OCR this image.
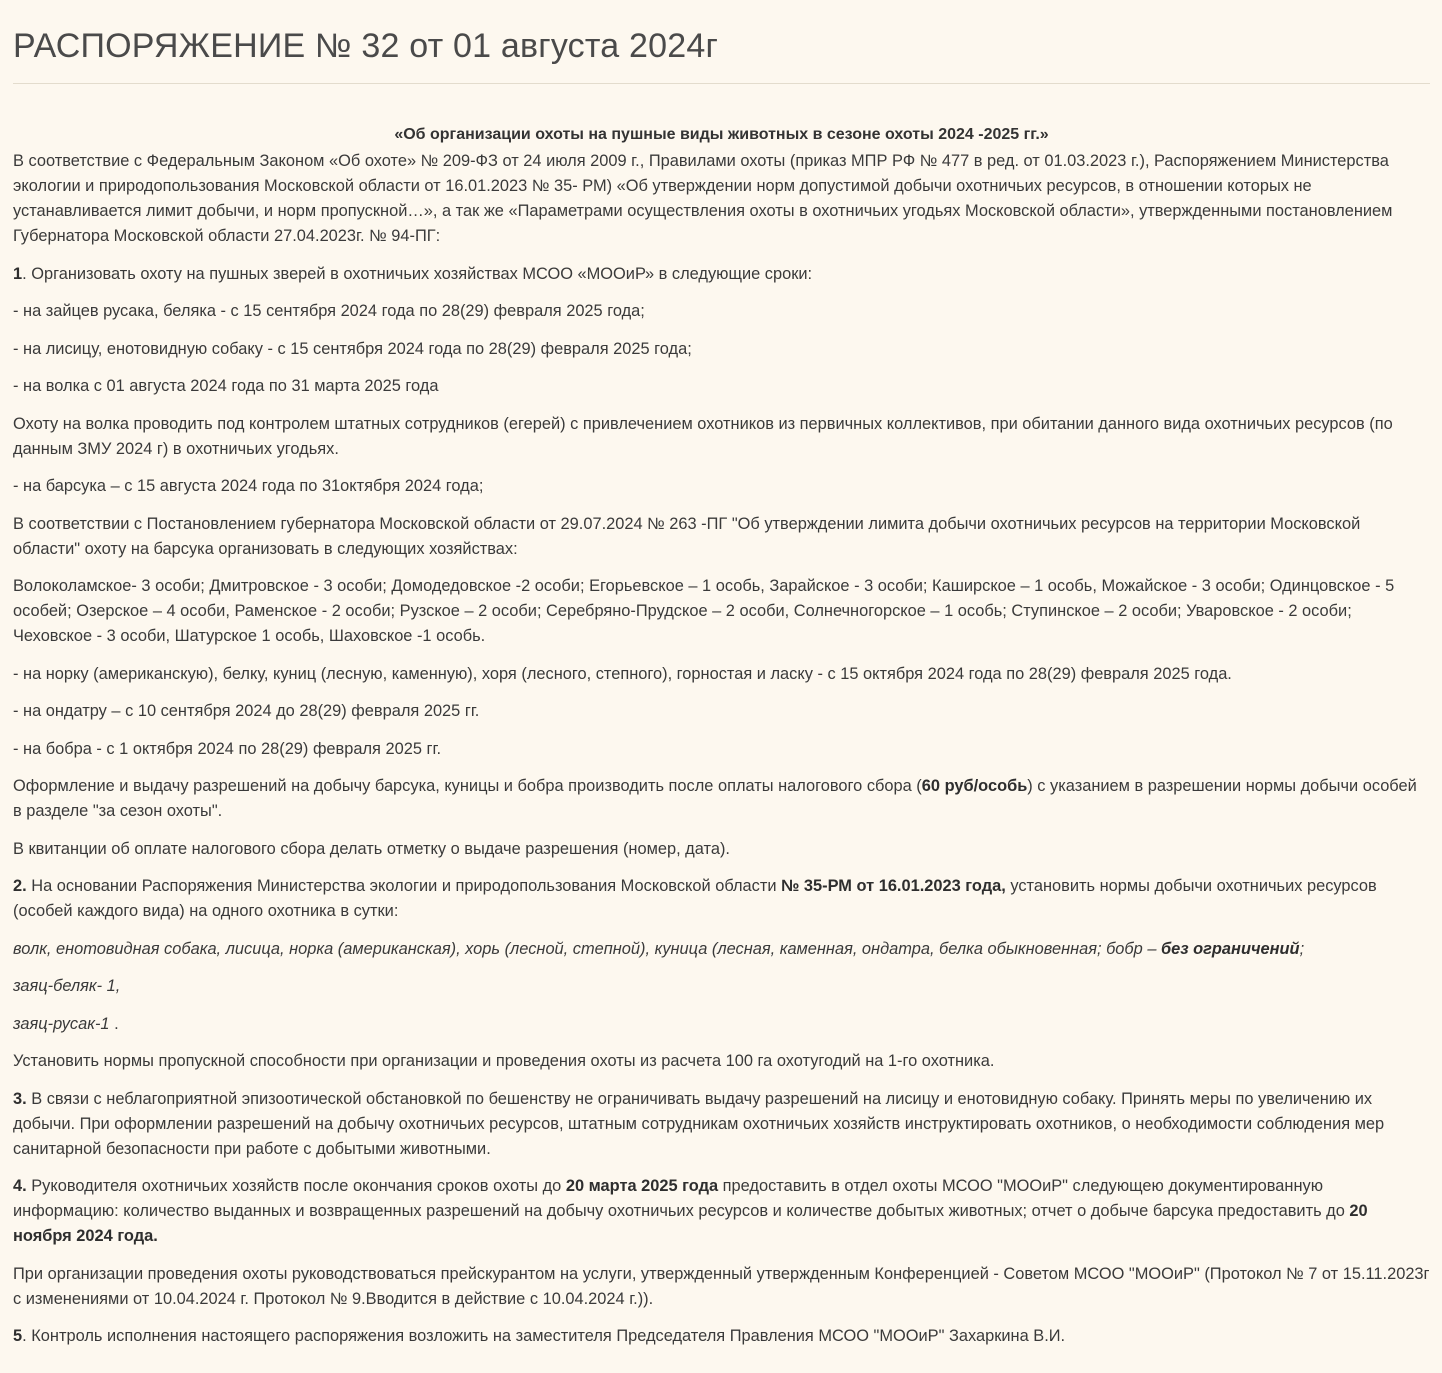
РАСПОРЯЖЕНИЕ № 32 от 01 августа 2024г

«Об организации охоты на пушные виды животных в сезоне охоты 2024 -2025 гг.»

В соответствие с Федеральным Законом «Об охоте» № 209-ФЗ от 24 июля 2009 г., Правилами охоты (приказ МПР РФ № 477 в ред. от 01.03.2023 г.), Распоряжением Министерства экологии и природопользования Московской области от 16.01.2023 № 35- РМ) «Об утверждении норм допустимой добычи охотничьих ресурсов, в отношении которых не устанавливается лимит добычи, и норм пропускной…», а так же «Параметрами осуществления охоты в охотничьих угодьях Московской области», утвержденными постановлением Губернатора Московской области 27.04.2023г. № 94-ПГ:

1. Организовать охоту на пушных зверей в охотничьих хозяйствах МСОО «МООиР» в следующие сроки:

- на зайцев русака, беляка - с 15 сентября 2024 года по 28(29) февраля 2025 года;

- на лисицу, енотовидную собаку - с 15 сентября 2024 года по 28(29) февраля 2025 года;

- на волка с 01 августа 2024 года по 31 марта 2025 года

Охоту на волка проводить под контролем штатных сотрудников (егерей) с привлечением охотников из первичных коллективов, при обитании данного вида охотничьих ресурсов (по данным ЗМУ 2024 г) в охотничьих угодьях.

- на барсука – с 15 августа 2024 года по 31октября 2024 года;

В соответствии с Постановлением губернатора Московской области от 29.07.2024 № 263 -ПГ "Об утверждении лимита добычи охотничьих ресурсов на территории Московской области" охоту на барсука организовать в следующих хозяйствах:

Волоколамское- 3 особи; Дмитровское - 3 особи; Домодедовское -2 особи; Егорьевское – 1 особь, Зарайское - 3 особи; Каширское – 1 особь, Можайское - 3 особи; Одинцовское - 5 особей; Озерское – 4 особи, Раменское - 2 особи; Рузское – 2 особи; Серебряно-Прудское – 2 особи, Солнечногорское – 1 особь; Ступинское – 2 особи; Уваровское - 2 особи; Чеховское - 3 особи, Шатурское 1 особь, Шаховское -1 особь.

- на норку (американскую), белку, куниц (лесную, каменную), хоря (лесного, степного), горностая и ласку - с 15 октября 2024 года по 28(29) февраля 2025 года.

- на ондатру – с 10 сентября 2024 до 28(29) февраля 2025 гг.

- на бобра - с 1 октября 2024 по 28(29) февраля 2025 гг.

Оформление и выдачу разрешений на добычу барсука, куницы и бобра производить после оплаты налогового сбора (60 руб/особь) с указанием в разрешении нормы добычи особей в разделе "за сезон охоты".

В квитанции об оплате налогового сбора делать отметку о выдаче разрешения (номер, дата).

2. На основании Распоряжения Министерства экологии и природопользования Московской области № 35-РМ от 16.01.2023 года, установить нормы добычи охотничьих ресурсов (особей каждого вида) на одного охотника в сутки:

волк, енотовидная собака, лисица, норка (американская), хорь (лесной, степной), куница (лесная, каменная, ондатра, белка обыкновенная; бобр – без ограничений;

заяц-беляк- 1,

заяц-русак-1 .

Установить нормы пропускной способности при организации и проведения охоты из расчета 100 га охотугодий на 1-го охотника.

3. В связи с неблагоприятной эпизоотической обстановкой по бешенству не ограничивать выдачу разрешений на лисицу и енотовидную собаку. Принять меры по увеличению их добычи. При оформлении разрешений на добычу охотничьих ресурсов, штатным сотрудникам охотничьих хозяйств инструктировать охотников, о необходимости соблюдения мер санитарной безопасности при работе с добытыми животными.

4. Руководителя охотничьих хозяйств после окончания сроков охоты до 20 марта 2025 года предоставить в отдел охоты МСОО "МООиР" следующею документированную информацию: количество выданных и возвращенных разрешений на добычу охотничьих ресурсов и количестве добытых животных; отчет о добыче барсука предоставить до 20 ноября 2024 года.

При организации проведения охоты руководствоваться прейскурантом на услуги, утвержденный утвержденным Конференцией - Советом МСОО "МООиР" (Протокол № 7 от 15.11.2023г с изменениями от 10.04.2024 г. Протокол № 9.Вводится в действие с 10.04.2024 г.)).

5. Контроль исполнения настоящего распоряжения возложить на заместителя Председателя Правления МСОО "МООиР" Захаркина В.И.
